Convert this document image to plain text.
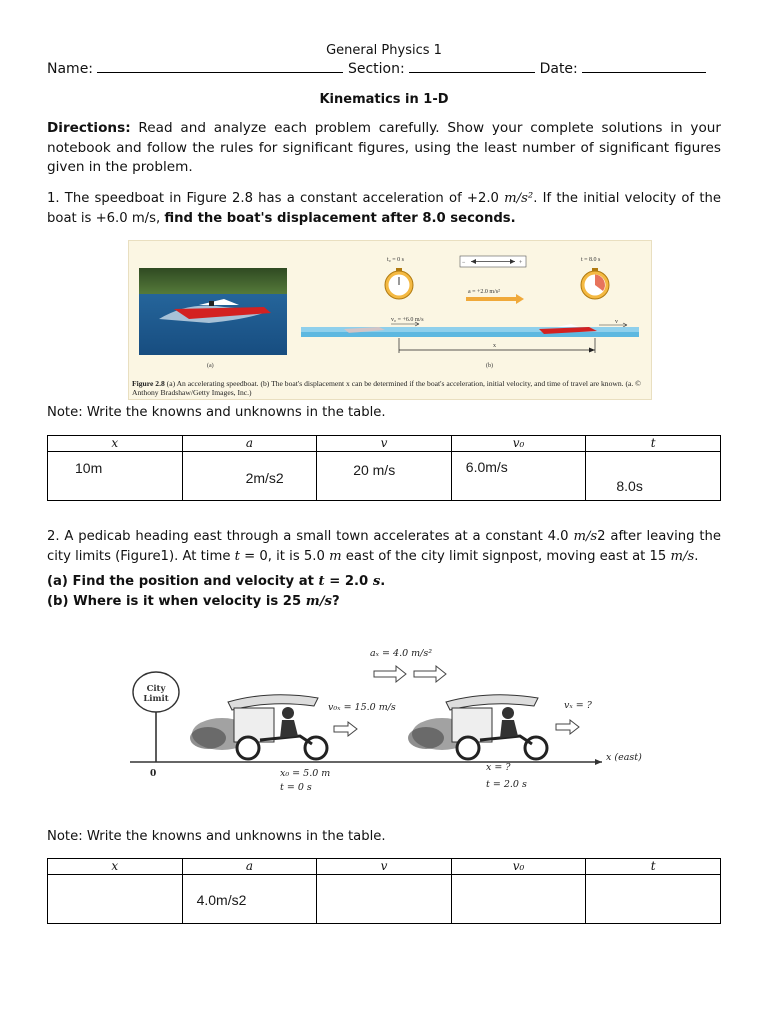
General Physics 1
Name:	Section:	Date:
Kinematics in 1-D
Directions: Read and analyze each problem carefully. Show your complete solutions in your notebook and follow the rules for significant figures, using the least number of significant figures given in the problem.
1. The speedboat in Figure 2.8 has a constant acceleration of +2.0 m/s². If the initial velocity of the boat is +6.0 m/s, find the boat's displacement after 8.0 seconds.
(a)
t₀ = 0 s	−	+
a = +2.0 m/s²
t = 8.0 s
v₀ = +6.0 m/s	v
x
(b)
Figure 2.8 (a) An accelerating speedboat. (b) The boat's displacement x can be determined if the boat's acceleration, initial velocity, and time of travel are known. (a. © Anthony Bradshaw/Getty Images, Inc.)
Note: Write the knowns and unknowns in the table.
x	a	v	v₀	t

10m	2m/s2	20 m/s	6.0m/s	8.0s
2. A pedicab heading east through a small town accelerates at a constant 4.0 m/s2 after leaving the city limits (Figure1). At time t = 0, it is 5.0 m east of the city limit signpost, moving east at 15 m/s.
(a) Find the position and velocity at t = 2.0 s.
(b) Where is it when velocity is 25 m/s?
aₓ = 4.0 m/s²
City
Limit
0
x (east)
v₀ₓ = 15.0 m/s
x₀ = 5.0 m
t = 0 s
vₓ = ?
x = ?
t = 2.0 s
Note: Write the knowns and unknowns in the table.
x	a	v	v₀	t

	4.0m/s2			
